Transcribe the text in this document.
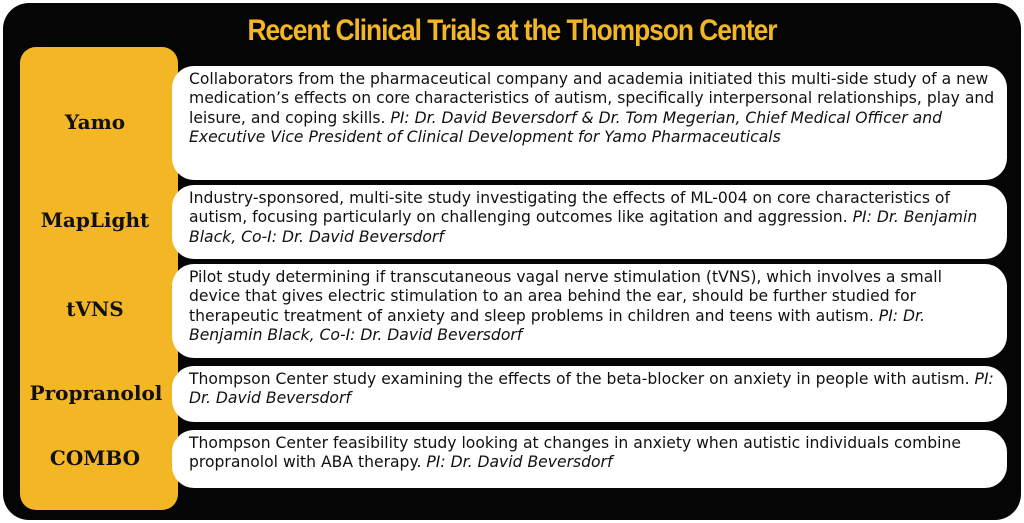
Recent Clinical Trials at the Thompson Center
Yamo
Collaborators from the pharmaceutical company and academia initiated this multi-side study of a new medication’s effects on core characteristics of autism, specifically interpersonal relationships, play and leisure, and coping skills. PI: Dr. David Beversdorf & Dr. Tom Megerian, Chief Medical Officer and Executive Vice President of Clinical Development for Yamo Pharmaceuticals
MapLight
Industry-sponsored, multi-site study investigating the effects of ML-004 on core characteristics of autism, focusing particularly on challenging outcomes like agitation and aggression. PI: Dr. Benjamin Black, Co-I: Dr. David Beversdorf
tVNS
Pilot study determining if transcutaneous vagal nerve stimulation (tVNS), which involves a small device that gives electric stimulation to an area behind the ear, should be further studied for therapeutic treatment of anxiety and sleep problems in children and teens with autism. PI: Dr. Benjamin Black, Co-I: Dr. David Beversdorf
Propranolol
Thompson Center study examining the effects of the beta-blocker on anxiety in people with autism. PI: Dr. David Beversdorf
COMBO
Thompson Center feasibility study looking at changes in anxiety when autistic individuals combine propranolol with ABA therapy. PI: Dr. David Beversdorf
